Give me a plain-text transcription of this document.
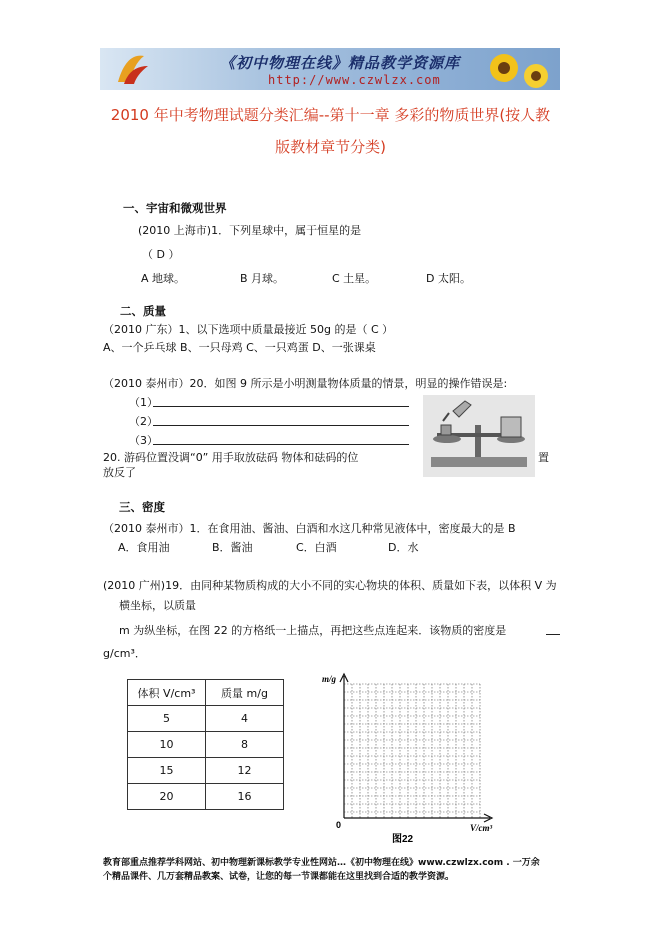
《初中物理在线》精品教学资源库
http://www.czwlzx.com
2010 年中考物理试题分类汇编--第十一章 多彩的物质世界(按人教
版教材章节分类)
一、宇宙和微观世界
(2010 上海市)1．下列星球中，属于恒星的是
（ D ）
A 地球。	B 月球。	C 土星。	D 太阳。
二、质量
（2010 广东）1、以下选项中质量最接近 50g 的是（ C ）
A、一个乒乓球 B、一只母鸡 C、一只鸡蛋 D、一张课桌
（2010 泰州市）20．如图 9 所示是小明测量物体质量的情景，明显的操作错误是:
（1）
（2）
（3）
20. 游码位置没调“0” 用手取放砝码 物体和砝码的位	置
放反了
三、密度
（2010 泰州市）1．在食用油、酱油、白酒和水这几种常见液体中，密度最大的是 B
A．食用油	B．酱油	C．白酒	D．水
(2010 广州)19．由同种某物质构成的大小不同的实心物块的体积、质量如下表，以体积 V 为
横坐标，以质量
m 为纵坐标，在图 22 的方格纸一上描点，再把这些点连起来．该物质的密度是
g/cm³．
体积 V/cm³	质量 m/g
5	4
10	8
15	12
20	16
m/g
V/cm³
0
图22
教育部重点推荐学科网站、初中物理新课标教学专业性网站…《初中物理在线》www.czwlzx.com . 一万余
个精品课件、几万套精品教案、试卷，让您的每一节课都能在这里找到合适的教学资源。
